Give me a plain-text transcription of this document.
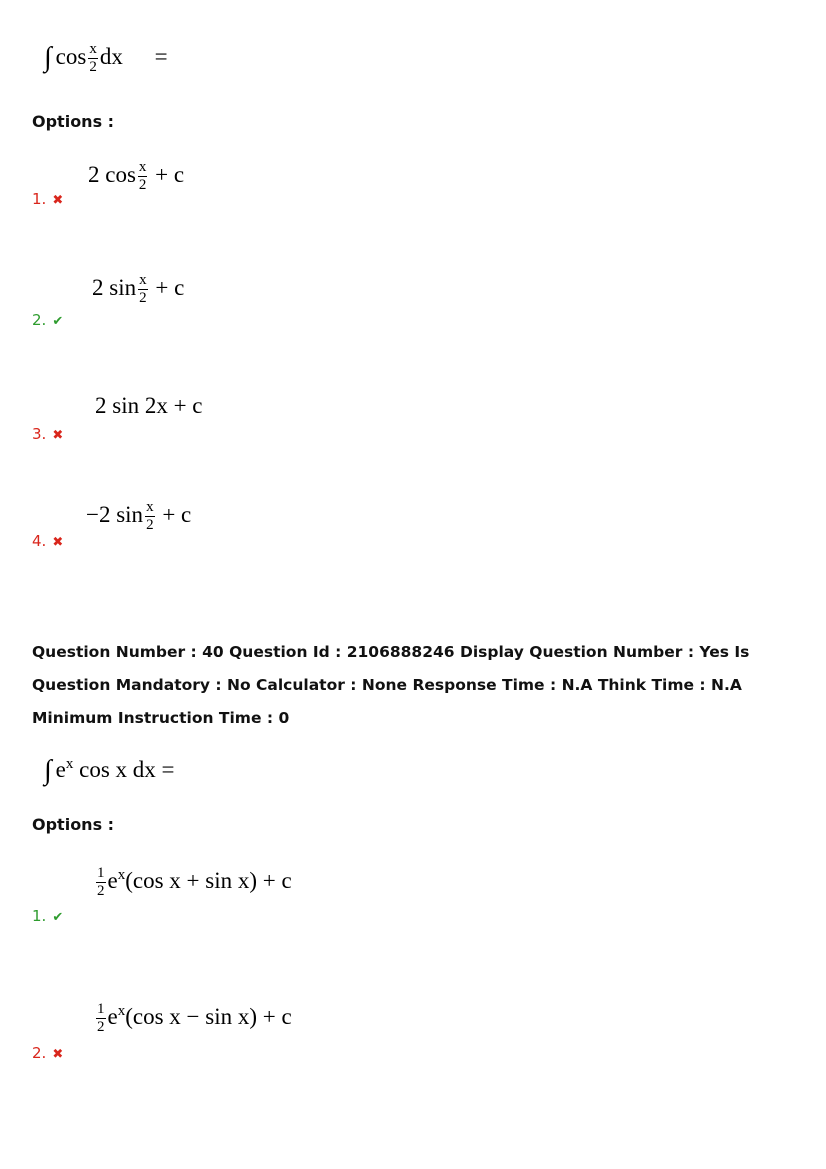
∫ $\cos \frac{x}{2}$ dx =
Options :
2 $\cos \frac{x}{2} + c$
1. ✖
2 $\sin \frac{x}{2} + c$
2. ✔
2 sin 2x + c
3. ✖
−2 $\sin \frac{x}{2} + c$
4. ✖
Question Number : 40 Question Id : 2106888246 Display Question Number : Yes Is Question Mandatory : No Calculator : None Response Time : N.A Think Time : N.A Minimum Instruction Time : 0
∫ $e^x$ cos x dx =
Options :
$\frac{1}{2} e^x(\cos$ x + sin x) + c
1. ✔
$\frac{1}{2} e^x(\cos$ x − sin x) + c
2. ✖
